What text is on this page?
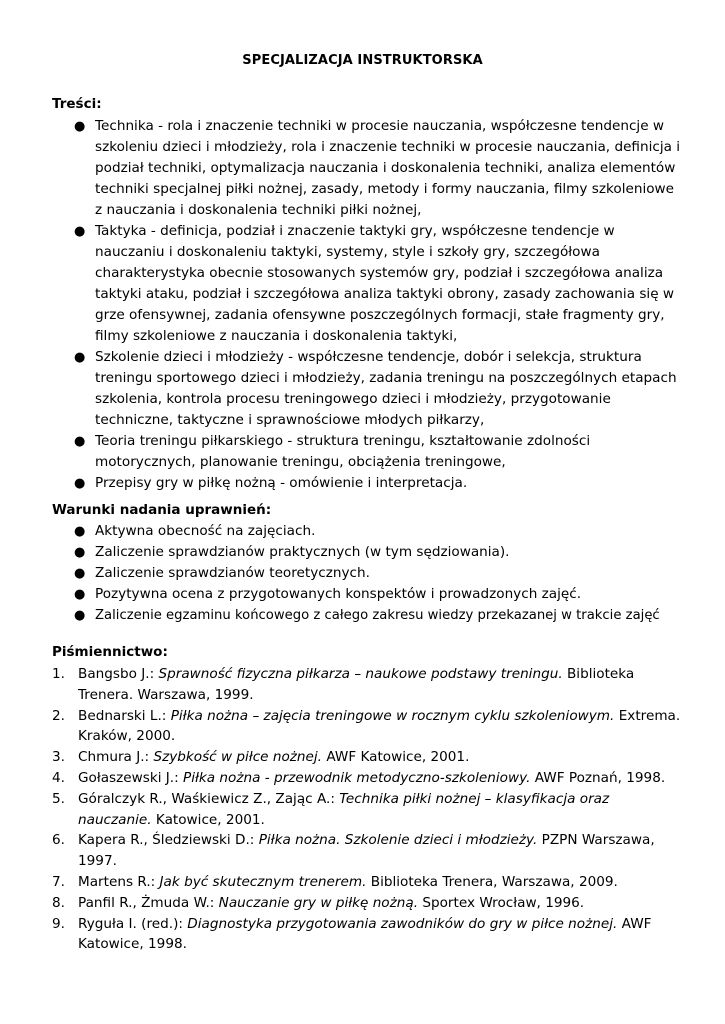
SPECJALIZACJA INSTRUKTORSKA
Treści:
● Technika - rola i znaczenie techniki w procesie nauczania, współczesne tendencje w szkoleniu dzieci i młodzieży, rola i znaczenie techniki w procesie nauczania, definicja i podział techniki, optymalizacja nauczania i doskonalenia techniki, analiza elementów techniki specjalnej piłki nożnej, zasady, metody i formy nauczania, filmy szkoleniowe z nauczania i doskonalenia techniki piłki nożnej,
● Taktyka - definicja, podział i znaczenie taktyki gry, współczesne tendencje w nauczaniu i doskonaleniu taktyki, systemy, style i szkoły gry, szczegółowa charakterystyka obecnie stosowanych systemów gry, podział i szczegółowa analiza taktyki ataku, podział i szczegółowa analiza taktyki obrony, zasady zachowania się w grze ofensywnej, zadania ofensywne poszczególnych formacji, stałe fragmenty gry, filmy szkoleniowe z nauczania i doskonalenia taktyki,
● Szkolenie dzieci i młodzieży - współczesne tendencje, dobór i selekcja, struktura treningu sportowego dzieci i młodzieży, zadania treningu na poszczególnych etapach szkolenia, kontrola procesu treningowego dzieci i młodzieży, przygotowanie techniczne, taktyczne i sprawnościowe młodych piłkarzy,
● Teoria treningu piłkarskiego - struktura treningu, kształtowanie zdolności motorycznych, planowanie treningu, obciążenia treningowe,
● Przepisy gry w piłkę nożną - omówienie i interpretacja.
Warunki nadania uprawnień:
● Aktywna obecność na zajęciach.
● Zaliczenie sprawdzianów praktycznych (w tym sędziowania).
● Zaliczenie sprawdzianów teoretycznych.
● Pozytywna ocena z przygotowanych konspektów i prowadzonych zajęć.
● Zaliczenie egzaminu końcowego z całego zakresu wiedzy przekazanej w trakcie zajęć
Piśmiennictwo:
1. Bangsbo J.: Sprawność fizyczna piłkarza – naukowe podstawy treningu. Biblioteka Trenera. Warszawa, 1999.
2. Bednarski L.: Piłka nożna – zajęcia treningowe w rocznym cyklu szkoleniowym. Extrema. Kraków, 2000.
3. Chmura J.: Szybkość w piłce nożnej. AWF Katowice, 2001.
4. Gołaszewski J.: Piłka nożna - przewodnik metodyczno-szkoleniowy. AWF Poznań, 1998.
5. Góralczyk R., Waśkiewicz Z., Zając A.: Technika piłki nożnej – klasyfikacja oraz nauczanie. Katowice, 2001.
6. Kapera R., Śledziewski D.: Piłka nożna. Szkolenie dzieci i młodzieży. PZPN Warszawa, 1997.
7. Martens R.: Jak być skutecznym trenerem. Biblioteka Trenera, Warszawa, 2009.
8. Panfil R., Żmuda W.: Nauczanie gry w piłkę nożną. Sportex Wrocław, 1996.
9. Ryguła I. (red.): Diagnostyka przygotowania zawodników do gry w piłce nożnej. AWF Katowice, 1998.
